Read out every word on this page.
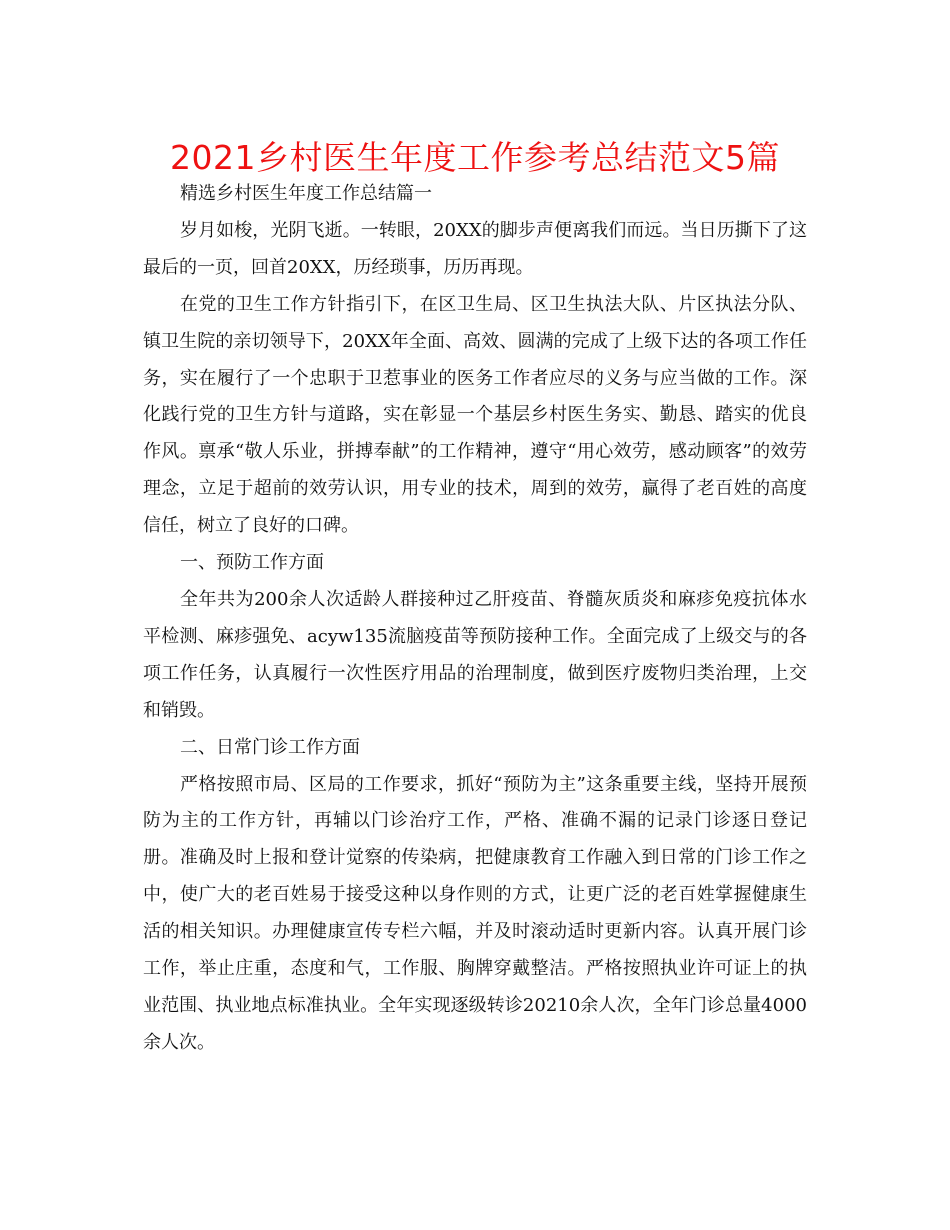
2021乡村医生年度工作参考总结范文5篇

精选乡村医生年度工作总结篇一

岁月如梭，光阴飞逝。一转眼，20XX的脚步声便离我们而远。当日历撕下了这最后的一页，回首20XX，历经琐事，历历再现。

在党的卫生工作方针指引下，在区卫生局、区卫生执法大队、片区执法分队、镇卫生院的亲切领导下，20XX年全面、高效、圆满的完成了上级下达的各项工作任务，实在履行了一个忠职于卫惹事业的医务工作者应尽的义务与应当做的工作。深化践行党的卫生方针与道路，实在彰显一个基层乡村医生务实、勤恳、踏实的优良作风。禀承“敬人乐业，拼搏奉献”的工作精神，遵守“用心效劳，感动顾客”的效劳理念，立足于超前的效劳认识，用专业的技术，周到的效劳，赢得了老百姓的高度信任，树立了良好的口碑。

一、预防工作方面

全年共为200余人次适龄人群接种过乙肝疫苗、脊髓灰质炎和麻疹免疫抗体水平检测、麻疹强免、acyw135流脑疫苗等预防接种工作。全面完成了上级交与的各项工作任务，认真履行一次性医疗用品的治理制度，做到医疗废物归类治理，上交和销毁。

二、日常门诊工作方面

严格按照市局、区局的工作要求，抓好“预防为主”这条重要主线，坚持开展预防为主的工作方针，再辅以门诊治疗工作，严格、准确不漏的记录门诊逐日登记册。准确及时上报和登计觉察的传染病，把健康教育工作融入到日常的门诊工作之中，使广大的老百姓易于接受这种以身作则的方式，让更广泛的老百姓掌握健康生活的相关知识。办理健康宣传专栏六幅，并及时滚动适时更新内容。认真开展门诊工作，举止庄重，态度和气，工作服、胸牌穿戴整洁。严格按照执业许可证上的执业范围、执业地点标准执业。全年实现逐级转诊20210余人次，全年门诊总量4000余人次。
